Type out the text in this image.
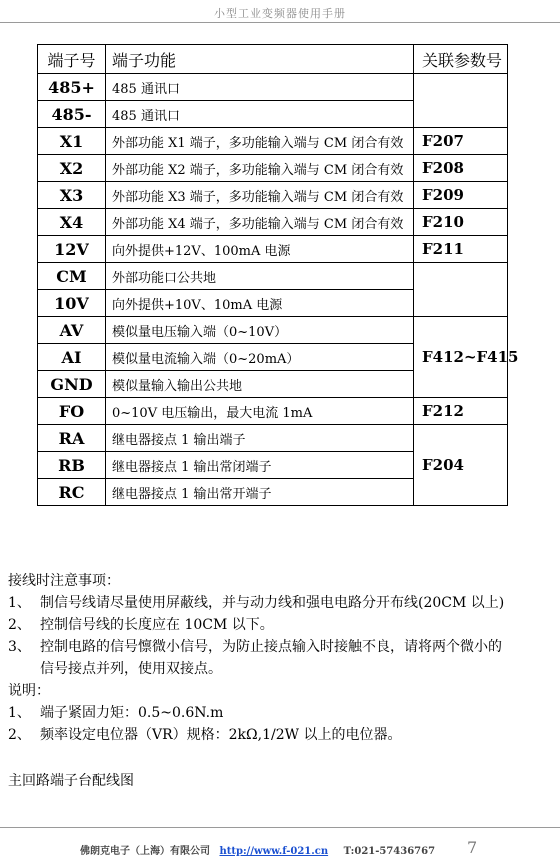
小型工业变频器使用手册
端子号	端子功能	关联参数号
485+	485 通讯口	
485-	485 通讯口	
X1	外部功能 X1 端子，多功能输入端与 CM 闭合有效	F207
X2	外部功能 X2 端子，多功能输入端与 CM 闭合有效	F208
X3	外部功能 X3 端子，多功能输入端与 CM 闭合有效	F209
X4	外部功能 X4 端子，多功能输入端与 CM 闭合有效	F210
12V	向外提供+12V、100mA 电源	F211
CM	外部功能口公共地	
10V	向外提供+10V、10mA 电源	
AV	模似量电压输入端（0~10V）	F412~F415
AI	模似量电流输入端（0~20mA）	
GND	模似量输入输出公共地	
FO	0~10V 电压输出，最大电流 1mA	F212
RA	继电器接点 1 输出端子	F204
RB	继电器接点 1 输出常闭端子	
RC	继电器接点 1 输出常开端子	

接线时注意事项：

1、 制信号线请尽量使用屏蔽线，并与动力线和强电电路分开布线(20CM 以上)

2、 控制信号线的长度应在 10CM 以下。

3、 控制电路的信号懔微小信号，为防止接点输入时接触不良，请将两个微小的

信号接点并列，使用双接点。

说明：

1、 端子紧固力矩：0.5~0.6N.m

2、 频率设定电位器（VR）规格：2kΩ,1/2W 以上的电位器。

主回路端子台配线图

佛朗克电子（上海）有限公司 http://www.f-021.cn T:021-57436767 7
